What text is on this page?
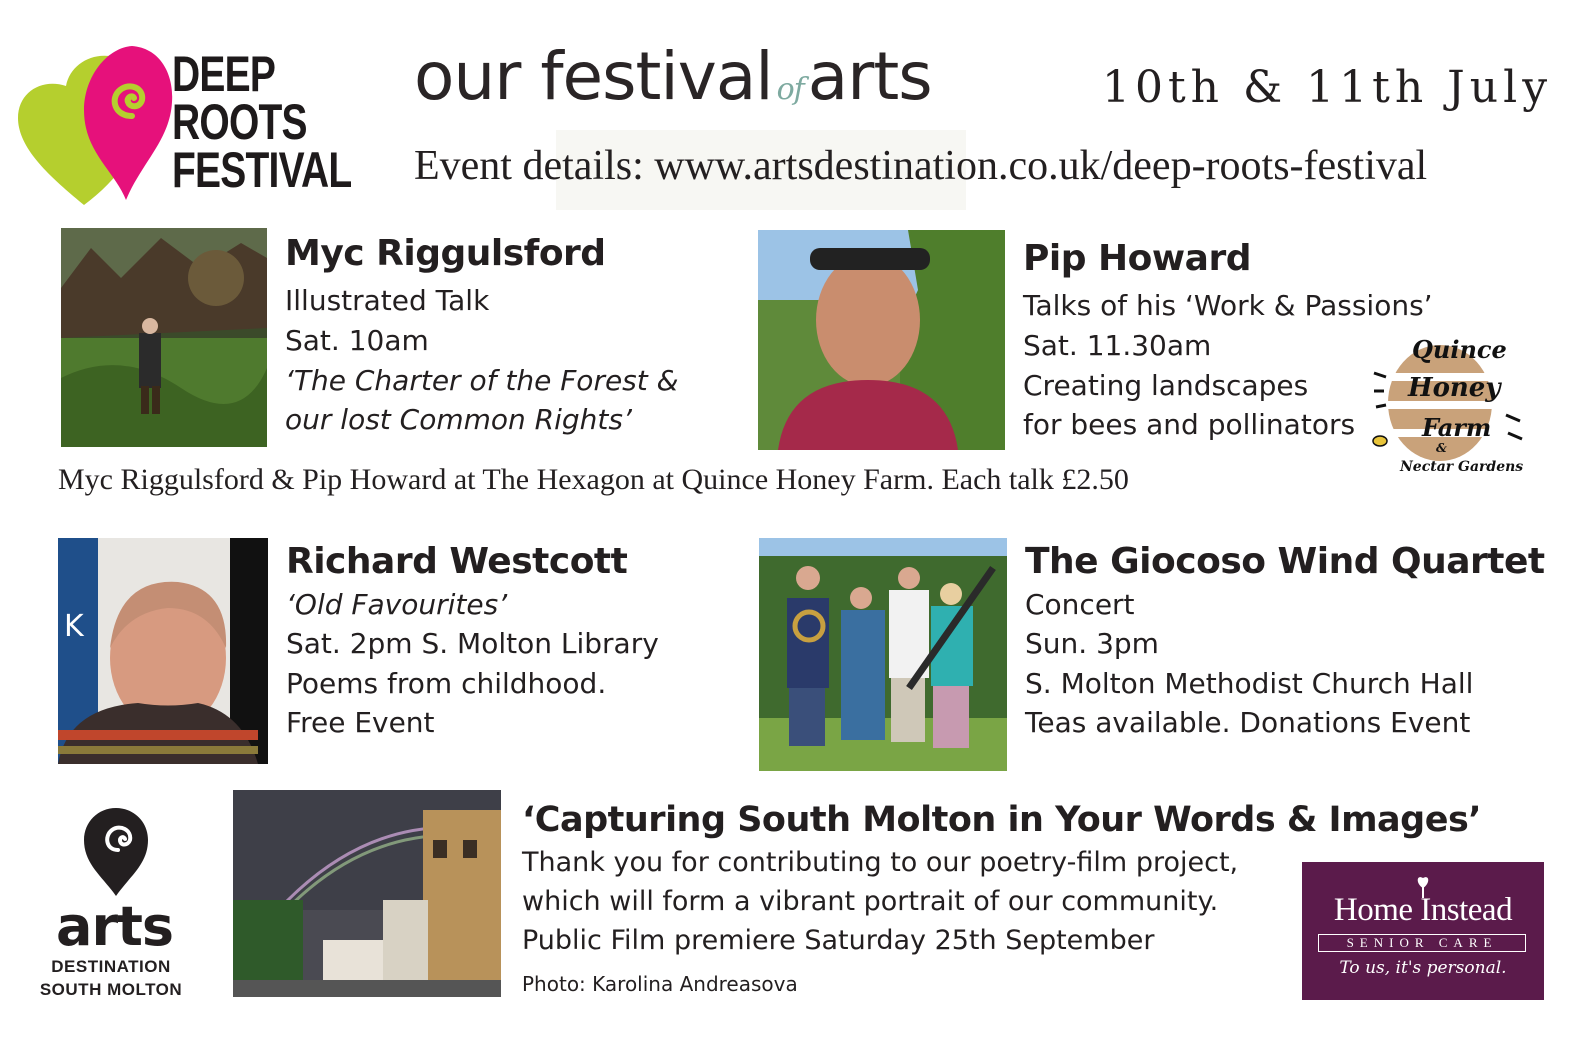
DEEP
ROOTS
FESTIVAL
our festival ofarts	10th & 11th July
Event details: www.artsdestination.co.uk/deep-roots-festival
Myc Riggulsford
Illustrated Talk
Sat. 10am
‘The Charter of the Forest &
our lost Common Rights’
Pip Howard
Talks of his ‘Work & Passions’
Sat. 11.30am
Creating landscapes
for bees and pollinators
Quince
Honey
Farm
&
Nectar Gardens
Myc Riggulsford & Pip Howard at The Hexagon at Quince Honey Farm. Each talk £2.50
K
Richard Westcott
‘Old Favourites’
Sat. 2pm S. Molton Library
Poems from childhood.
Free Event
The Giocoso Wind Quartet
Concert
Sun. 3pm
S. Molton Methodist Church Hall
Teas available. Donations Event
arts
DESTINATION
SOUTH MOLTON
‘Capturing South Molton in Your Words & Images’
Thank you for contributing to our poetry-film project,
which will form a vibrant portrait of our community.
Public Film premiere Saturday 25th September
Photo: Karolina Andreasova
Home Instead
SENIOR CARE
To us, it's personal.
